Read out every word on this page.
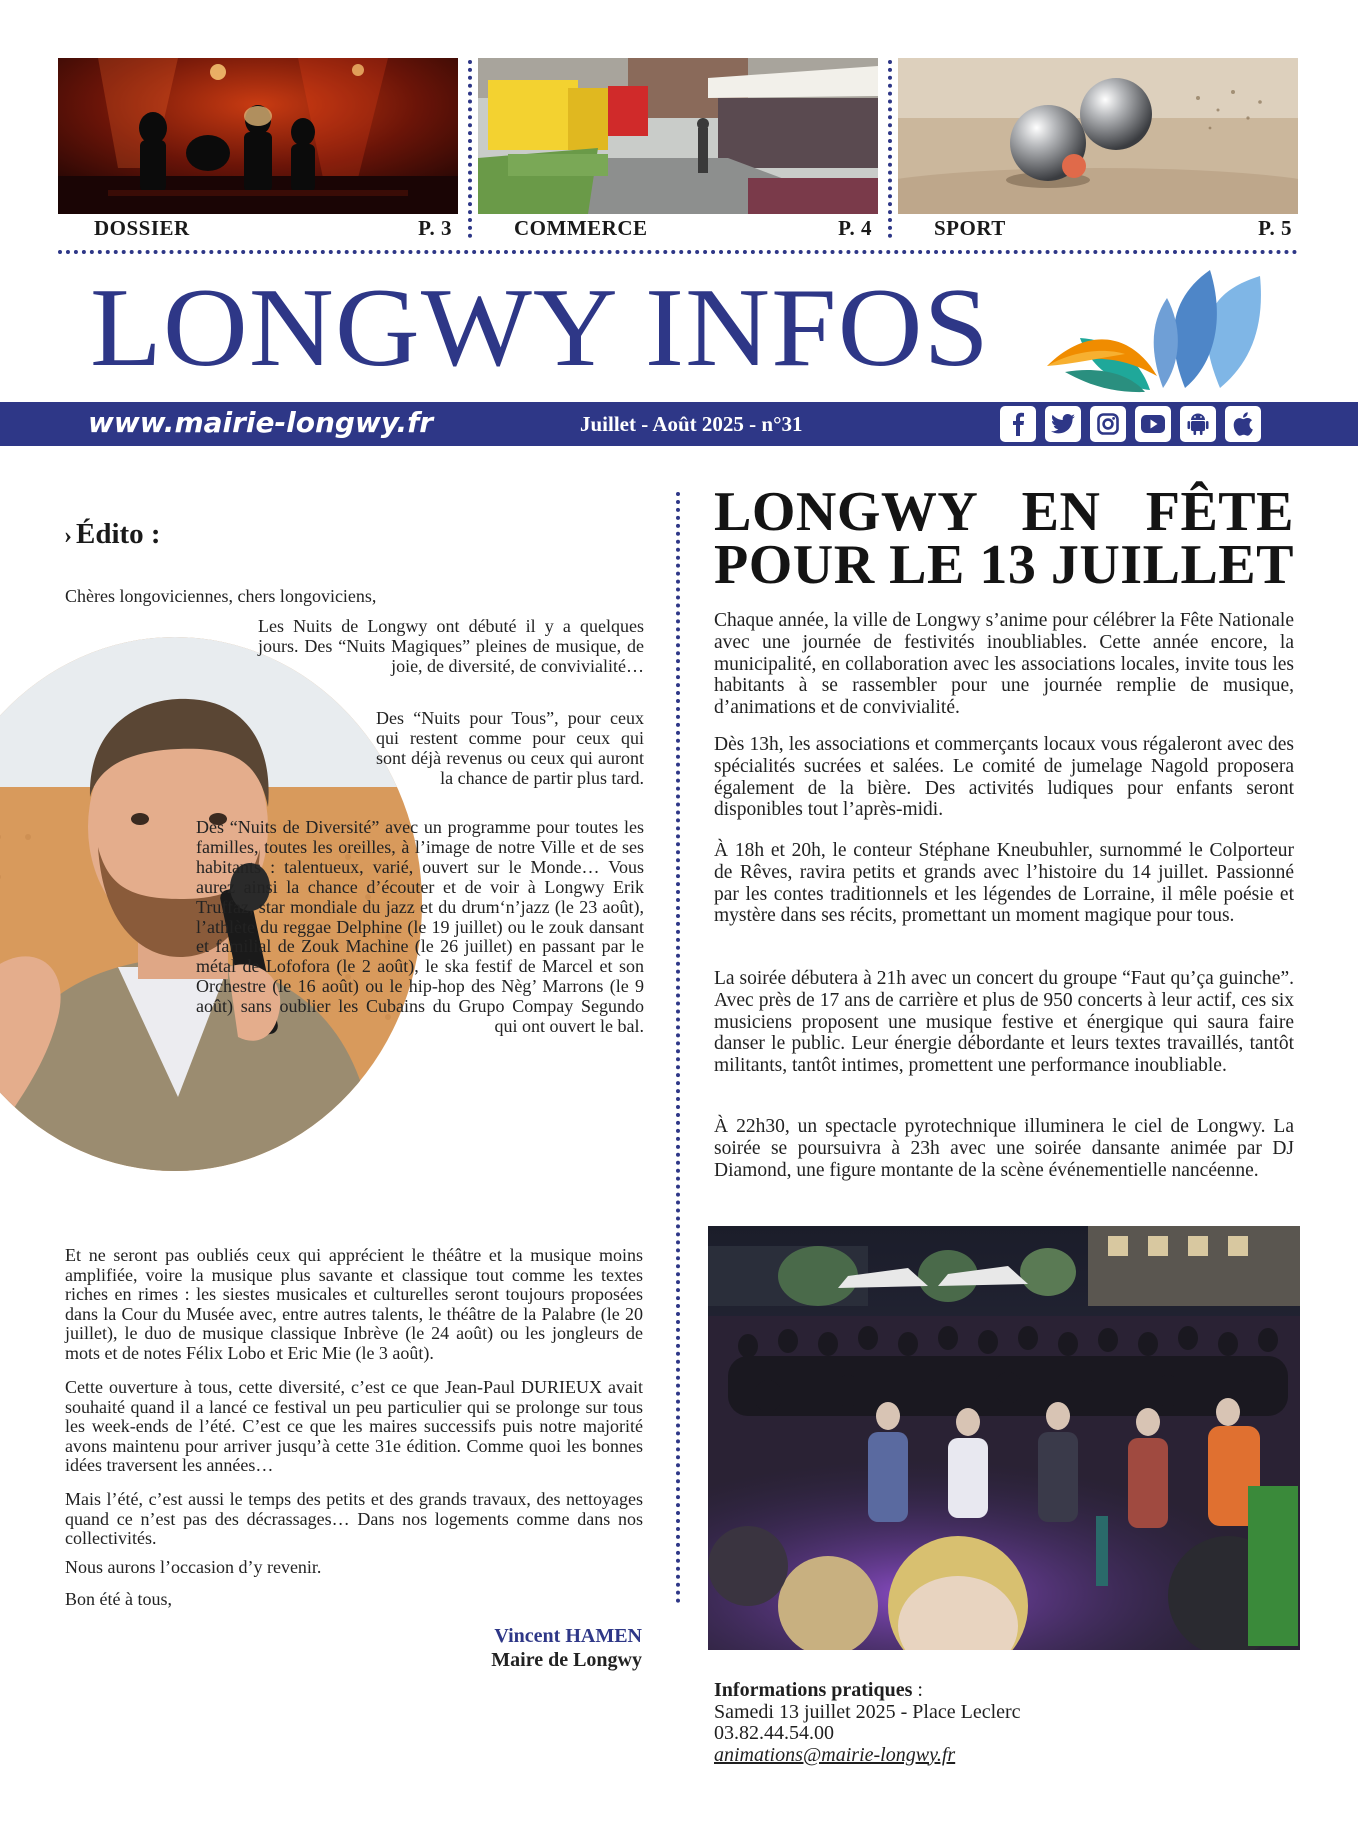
DOSSIER	P. 3	COMMERCE	P. 4	SPORT	P. 5
LONGWY INFOS
www.mairie-longwy.fr	Juillet - Août 2025 - n°31
› Édito :
Chères longoviciennes, chers longoviciens,
Les Nuits de Longwy ont débuté il y a quelques jours. Des “Nuits Magiques” pleines de musique, de joie, de diversité, de convivialité…
Des “Nuits pour Tous”, pour ceux qui restent comme pour ceux qui sont déjà revenus ou ceux qui auront la chance de partir plus tard.
Des “Nuits de Diversité” avec un programme pour toutes les familles, toutes les oreilles, à l’image de notre Ville et de ses habitants : talentueux, varié, ouvert sur le Monde… Vous aurez ainsi la chance d’écouter et de voir à Longwy Erik Truffaz, star mondiale du jazz et du drum‘n’jazz (le 23 août), l’athlète du reggae Delphine (le 19 juillet) ou le zouk dansant et familial de Zouk Machine (le 26 juillet) en passant par le métal de Lofofora (le 2 août), le ska festif de Marcel et son Orchestre (le 16 août) ou le hip-hop des Nèg’ Marrons (le 9 août) sans oublier les Cubains du Grupo Compay Segundo qui ont ouvert le bal.
Et ne seront pas oubliés ceux qui apprécient le théâtre et la musique moins amplifiée, voire la musique plus savante et classique tout comme les textes riches en rimes : les siestes musicales et culturelles seront toujours proposées dans la Cour du Musée avec, entre autres talents, le théâtre de la Palabre (le 20 juillet), le duo de musique classique Inbrève (le 24 août) ou les jongleurs de mots et de notes Félix Lobo et Eric Mie (le 3 août).
Cette ouverture à tous, cette diversité, c’est ce que Jean-Paul DURIEUX avait souhaité quand il a lancé ce festival un peu particulier qui se prolonge sur tous les week-ends de l’été. C’est ce que les maires successifs puis notre majorité avons maintenu pour arriver jusqu’à cette 31e édition. Comme quoi les bonnes idées traversent les années…
Mais l’été, c’est aussi le temps des petits et des grands travaux, des nettoyages quand ce n’est pas des décrassages… Dans nos logements comme dans nos collectivités.
Nous aurons l’occasion d’y revenir.
Bon été à tous,
Vincent HAMEN
Maire de Longwy
LONGWY EN FÊTE
POUR LE 13 JUILLET
Chaque année, la ville de Longwy s’anime pour célébrer la Fête Nationale avec une journée de festivités inoubliables. Cette année encore, la municipalité, en collaboration avec les associations locales, invite tous les habitants à se rassembler pour une journée remplie de musique, d’animations et de convivialité.
Dès 13h, les associations et commerçants locaux vous régaleront avec des spécialités sucrées et salées. Le comité de jumelage Nagold proposera également de la bière. Des activités ludiques pour enfants seront disponibles tout l’après-midi.
À 18h et 20h, le conteur Stéphane Kneubuhler, surnommé le Colporteur de Rêves, ravira petits et grands avec l’histoire du 14 juillet. Passionné par les contes traditionnels et les légendes de Lorraine, il mêle poésie et mystère dans ses récits, promettant un moment magique pour tous.
La soirée débutera à 21h avec un concert du groupe “Faut qu’ça guinche”. Avec près de 17 ans de carrière et plus de 950 concerts à leur actif, ces six musiciens proposent une musique festive et énergique qui saura faire danser le public. Leur énergie débordante et leurs textes travaillés, tantôt militants, tantôt intimes, promettent une performance inoubliable.
À 22h30, un spectacle pyrotechnique illuminera le ciel de Longwy. La soirée se poursuivra à 23h avec une soirée dansante animée par DJ Diamond, une figure montante de la scène événementielle nancéenne.
Informations pratiques :
Samedi 13 juillet 2025 - Place Leclerc
03.82.44.54.00
animations@mairie-longwy.fr
